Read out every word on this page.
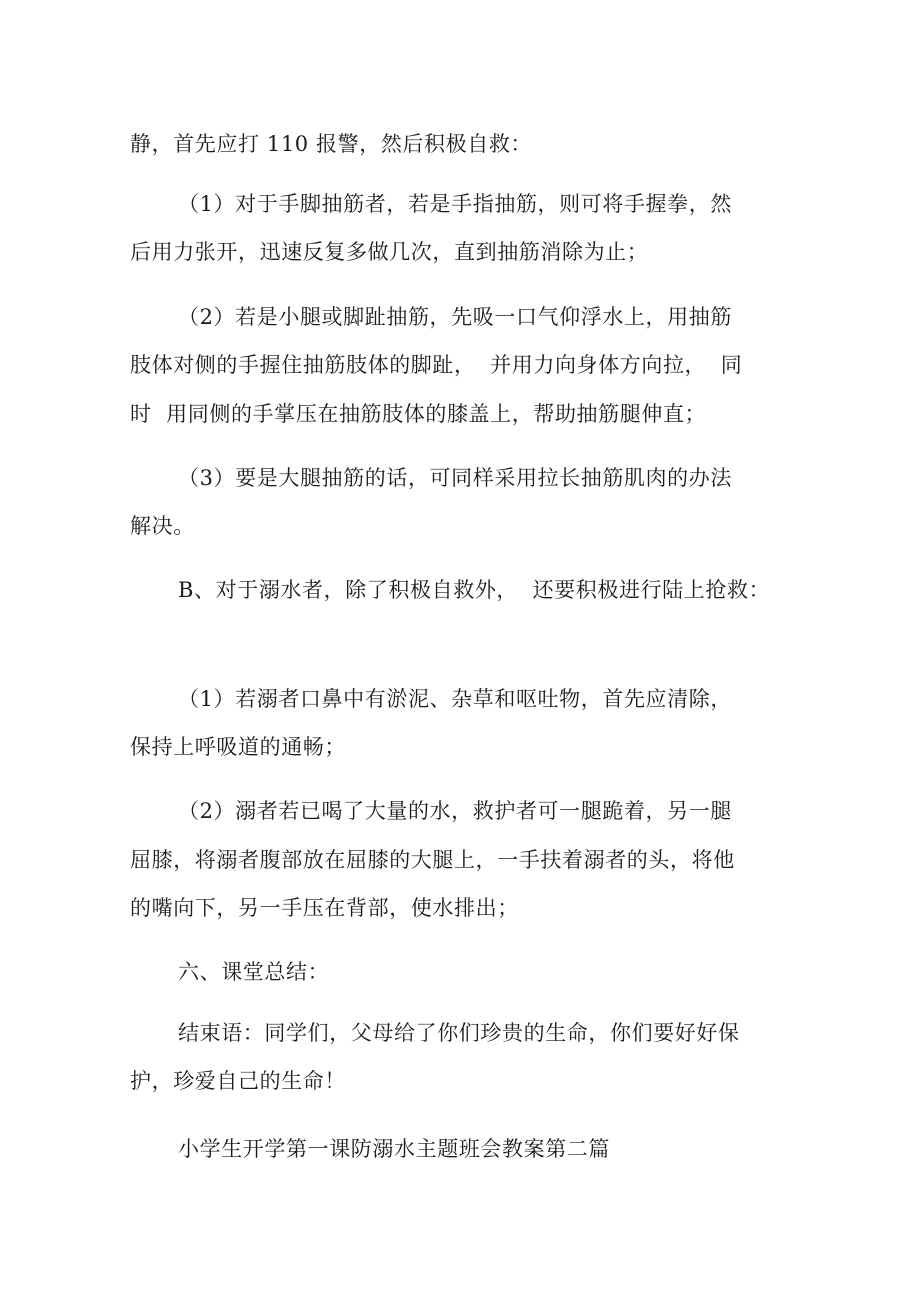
静，首先应打 110 报警，然后积极自救：

（1）对于手脚抽筋者，若是手指抽筋，则可将手握拳，然

后用力张开，迅速反复多做几次，直到抽筋消除为止；

（2）若是小腿或脚趾抽筋，先吸一口气仰浮水上，用抽筋

肢体对侧的手握住抽筋肢体的脚趾，  并用力向身体方向拉，  同

时  用同侧的手掌压在抽筋肢体的膝盖上，帮助抽筋腿伸直；

（3）要是大腿抽筋的话，可同样采用拉长抽筋肌肉的办法

解决。

B、对于溺水者，除了积极自救外，  还要积极进行陆上抢救：

（1）若溺者口鼻中有淤泥、杂草和呕吐物，首先应清除，

保持上呼吸道的通畅；

（2）溺者若已喝了大量的水，救护者可一腿跪着，另一腿

屈膝，将溺者腹部放在屈膝的大腿上，一手扶着溺者的头，将他

的嘴向下，另一手压在背部，使水排出；

六、课堂总结：

结束语：同学们，父母给了你们珍贵的生命，你们要好好保

护，珍爱自己的生命！

小学生开学第一课防溺水主题班会教案第二篇
